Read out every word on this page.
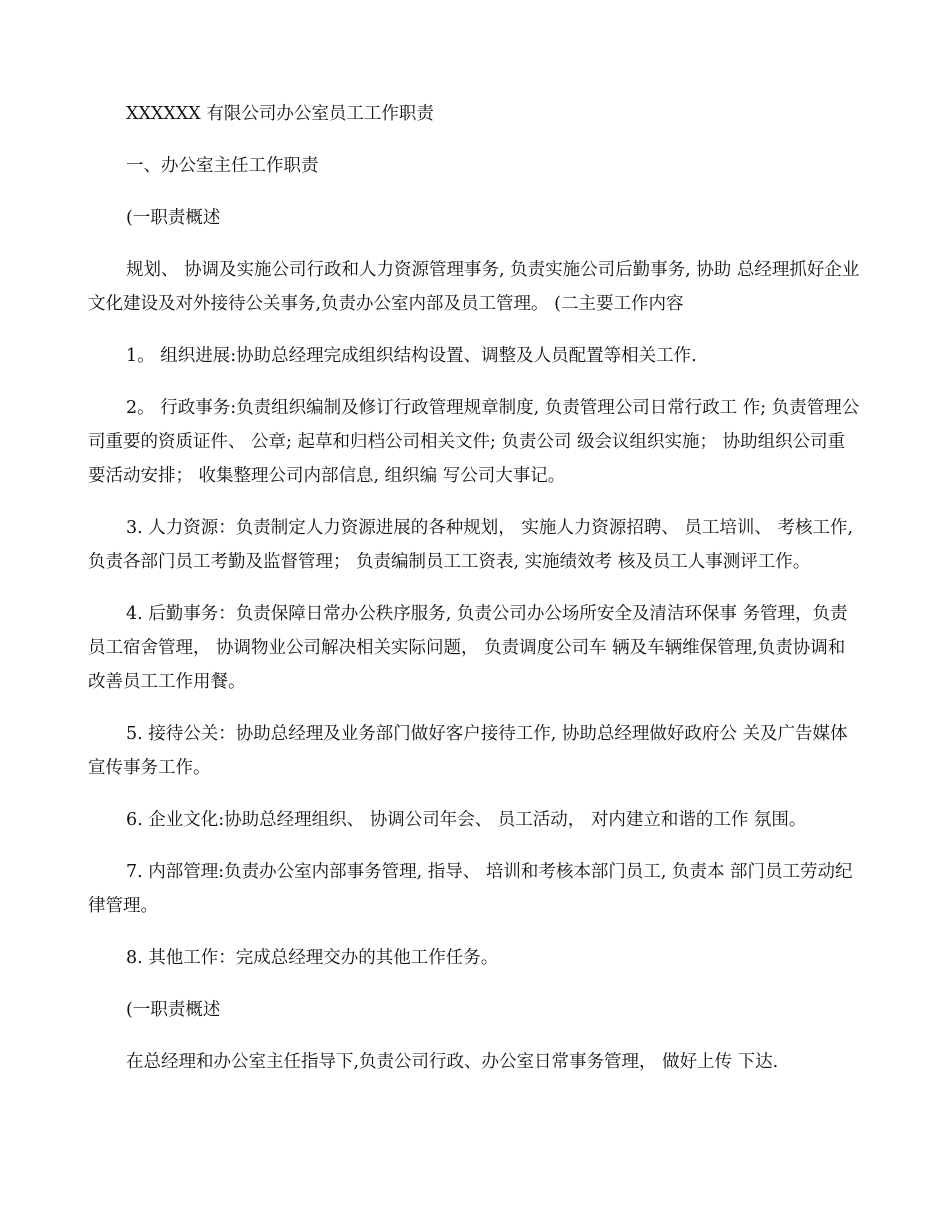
XXXXXX 有限公司办公室员工工作职责

一、办公室主任工作职责

(一职责概述

规划、 协调及实施公司行政和人力资源管理事务, 负责实施公司后勤事务, 协助 总经理抓好企业文化建设及对外接待公关事务,负责办公室内部及员工管理。 (二主要工作内容

1。 组织进展:协助总经理完成组织结构设置、调整及人员配置等相关工作.

2。 行政事务:负责组织编制及修订行政管理规章制度, 负责管理公司日常行政工 作; 负责管理公司重要的资质证件、 公章; 起草和归档公司相关文件; 负责公司 级会议组织实施； 协助组织公司重要活动安排； 收集整理公司内部信息, 组织编 写公司大事记。

3. 人力资源：负责制定人力资源进展的各种规划， 实施人力资源招聘、 员工培训、 考核工作, 负责各部门员工考勤及监督管理； 负责编制员工工资表, 实施绩效考 核及员工人事测评工作。

4. 后勤事务：负责保障日常办公秩序服务, 负责公司办公场所安全及清洁环保事 务管理，负责员工宿舍管理， 协调物业公司解决相关实际问题， 负责调度公司车 辆及车辆维保管理,负责协调和改善员工工作用餐。

5. 接待公关：协助总经理及业务部门做好客户接待工作, 协助总经理做好政府公 关及广告媒体宣传事务工作。

6. 企业文化:协助总经理组织、 协调公司年会、 员工活动， 对内建立和谐的工作 氛围。

7. 内部管理:负责办公室内部事务管理, 指导、 培训和考核本部门员工, 负责本 部门员工劳动纪律管理。

8. 其他工作：完成总经理交办的其他工作任务。

(一职责概述

在总经理和办公室主任指导下,负责公司行政、办公室日常事务管理， 做好上传 下达.
